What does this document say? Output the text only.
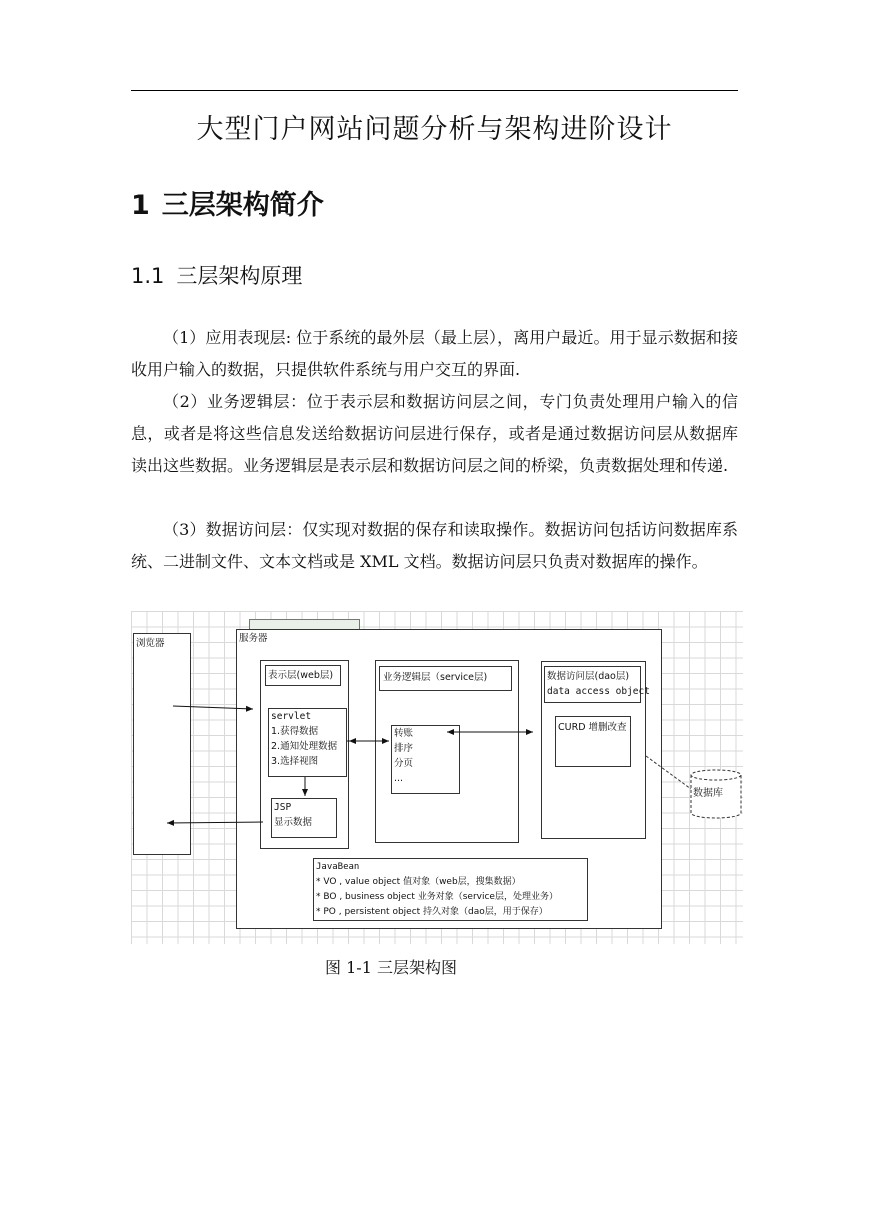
大型门户网站问题分析与架构进阶设计
1 三层架构简介
1.1 三层架构原理

（1）应用表现层: 位于系统的最外层（最上层），离用户最近。用于显示数据和接收用户输入的数据，只提供软件系统与用户交互的界面.

（2）业务逻辑层：位于表示层和数据访问层之间，专门负责处理用户输入的信息，或者是将这些信息发送给数据访问层进行保存，或者是通过数据访问层从数据库读出这些数据。业务逻辑层是表示层和数据访问层之间的桥梁，负责数据处理和传递.

（3）数据访问层：仅实现对数据的保存和读取操作。数据访问包括访问数据库系统、二进制文件、文本文档或是 XML 文档。数据访问层只负责对数据库的操作。

浏览器	服务器
表示层(web层)
servlet
1.获得数据
2.通知处理数据
3.选择视图
JSP
显示数据
业务逻辑层（service层)
转账
排序
分页
...
数据访问层(dao层)
data access object
CURD 增删改查
JavaBean
* VO , value object 值对象（web层，搜集数据）
* BO , business object 业务对象（service层，处理业务）
* PO , persistent object 持久对象（dao层，用于保存）
数据库
图 1-1 三层架构图
